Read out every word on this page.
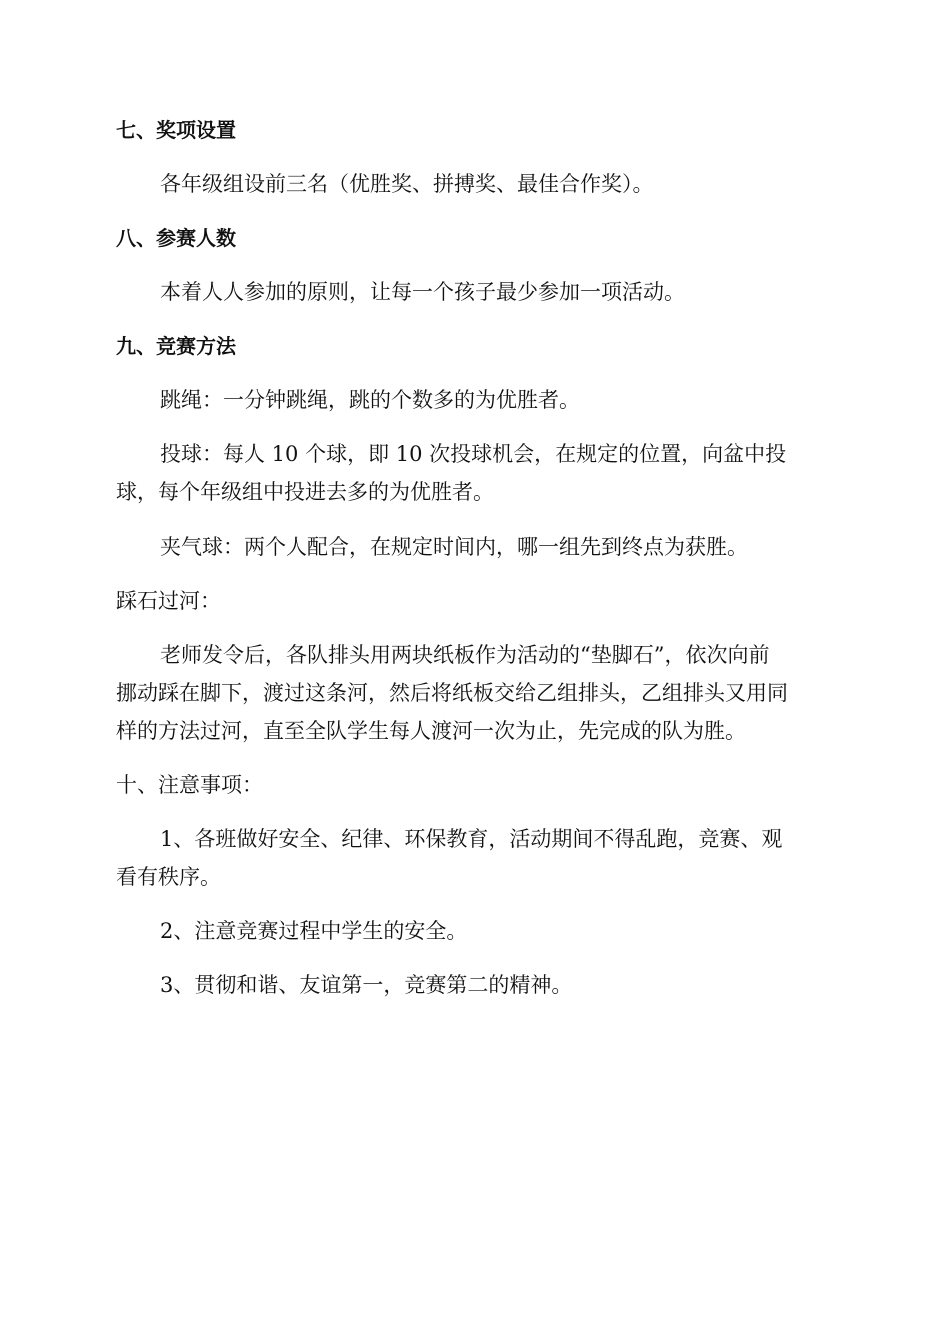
七、奖项设置
各年级组设前三名（优胜奖、拼搏奖、最佳合作奖）。
八、参赛人数
本着人人参加的原则，让每一个孩子最少参加一项活动。
九、竞赛方法
跳绳：一分钟跳绳，跳的个数多的为优胜者。
投球：每人 10 个球，即 10 次投球机会，在规定的位置，向盆中投
球，每个年级组中投进去多的为优胜者。
夹气球：两个人配合，在规定时间内，哪一组先到终点为获胜。
踩石过河：
老师发令后，各队排头用两块纸板作为活动的“垫脚石”，依次向前
挪动踩在脚下，渡过这条河，然后将纸板交给乙组排头，乙组排头又用同
样的方法过河，直至全队学生每人渡河一次为止，先完成的队为胜。
十、注意事项：
1、各班做好安全、纪律、环保教育，活动期间不得乱跑，竞赛、观
看有秩序。
2、注意竞赛过程中学生的安全。
3、贯彻和谐、友谊第一，竞赛第二的精神。
